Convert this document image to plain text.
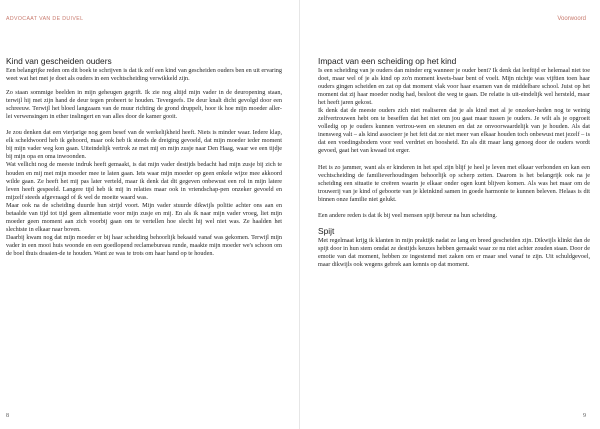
ADVOCAAT VAN DE DUIVEL
Kind van gescheiden ouders

Een belangrijke reden om dit boek te schrijven is dat ik zelf een kind van gescheiden ouders ben en uit ervaring weet wat het met je doet als ouders in een vechtscheiding verwikkeld zijn.

Zo staan sommige beelden in mijn geheugen gegrift. Ik zie nog altijd mijn vader in de deuropening staan, terwijl hij met zijn hand de deur tegen probeert te houden. Tevergeefs. De deur knalt dicht gevolgd door een schreeuw. Terwijl het bloed langzaam van de muur richting de grond druppelt, hoor ik hoe mijn moeder aller-lei verwensingen in ether inslingert en van alles door de kamer gooit.

Je zou denken dat een vierjarige nog geen besef van de werkelijkheid heeft. Niets is minder waar. Iedere klap, elk scheldwoord heb ik gehoord, maar ook heb ik steeds de dreiging gevoeld, dat mijn moeder ieder moment bij mijn vader weg kon gaan. Uiteindelijk vertrok ze met mij en mijn zusje naar Den Haag, waar we een tijdje bij mijn opa en oma inwoonden.

Wat vellicht nog de meeste indruk heeft gemaakt, is dat mijn vader destijds bedacht had mijn zusje bij zich te houden en mij met mijn moeder mee te laten gaan. Iets waar mijn moeder op geen enkele wijze mee akkoord wilde gaan. Ze heeft het mij pas later verteld, maar ik denk dat dit gegeven onbewust een rol in mijn latere leven heeft gespeeld. Langere tijd heb ik mij in relaties maar ook in vriendschap-pen onzeker gevoeld en mijzelf steeds afgevraagd of ik wel de moeite waard was.

Maar ook na de scheiding duurde hun strijd voort. Mijn vader stuurde dikwijls politie achter ons aan en betaalde van tijd tot tijd geen alimentatie voor mijn zusje en mij. En als ik naar mijn vader vroeg, liet mijn moeder geen moment aan zich voorbij gaan om te vertellen hoe slecht hij wel niet was. Ze haalden het slechtste in elkaar naar boven.

Daarbij kwam nog dat mijn moeder er bij haar scheiding behoorlijk bekaaid vanaf was gekomen. Terwijl mijn vader in een mooi huis woonde en een goedlopend reclamebureau runde, maakte mijn moeder we's schoon om de boel thuis draaien-de te houden. Want ze was te trots om haar hand op te houden.

8
Voorwoord
Impact van een scheiding op het kind

Is een scheiding van je ouders dan minder erg wanneer je ouder bent? Ik denk dat leeftijd er helemaal niet toe doet, maar wel of je als kind op zo'n moment kwets-baar bent of voelt. Mijn nichtje was vijftien toen haar ouders gingen scheiden en zat op dat moment vlak voor haar examen van de middelbare school. Juist op het moment dat zij haar moeder nodig had, besloot die weg te gaan. De relatie is uit-eindelijk wel hersteld, maar het heeft jaren gekost.

Ik denk dat de meeste ouders zich niet realiseren dat je als kind met al je onzeker-heden nog te weinig zelfvertrouwen hebt om te beseffen dat het niet om jou gaat maar tussen je ouders. Je wilt als je opgroeit volledig op je ouders kunnen vertrou-wen en steunen en dat ze onvoorwaardelijk van je houden. Als dat inensweg valt – als kind associeer je het feit dat ze niet meer van elkaar houden toch onbewust met jezelf – is dat een voedingsbodem voor veel verdriet en boosheid. En als dit maar lang genoeg door de ouders wordt gevoed, gaat het van kwaad tot erger.

Het is zo jammer, want als er kinderen in het spel zijn blijf je heel je leven met elkaar verbonden en kan een vechtscheiding de familieverhoudingen behoorlijk op scherp zetten. Daarom is het belangrijk ook na je scheiding een situatie te creëren waarin je elkaar onder ogen kunt blijven komen. Als was het maar om de trouwerij van je kind of geboorte van je kleinkind samen in goede harmonie te kunnen beleven. Helaas is dit binnen onze familie niet gelukt.

Een andere reden is dat ik bij veel mensen spijt bereur na hun scheiding.

Spijt

Met regelmaat krijg ik klanten in mijn praktijk nadat ze lang en breed gescheiden zijn. Dikwijls klinkt dan de spijt door in hun stem omdat ze destijds keuzes hebben gemaakt waar ze nu niet achter zouden staan. Door de emotie van dat moment, hebben ze ingestemd met zaken om er maar snel vanaf te zijn. Uit schuldgevoel, maar dikwijls ook wegens gebrek aan kennis op dat moment.

9
